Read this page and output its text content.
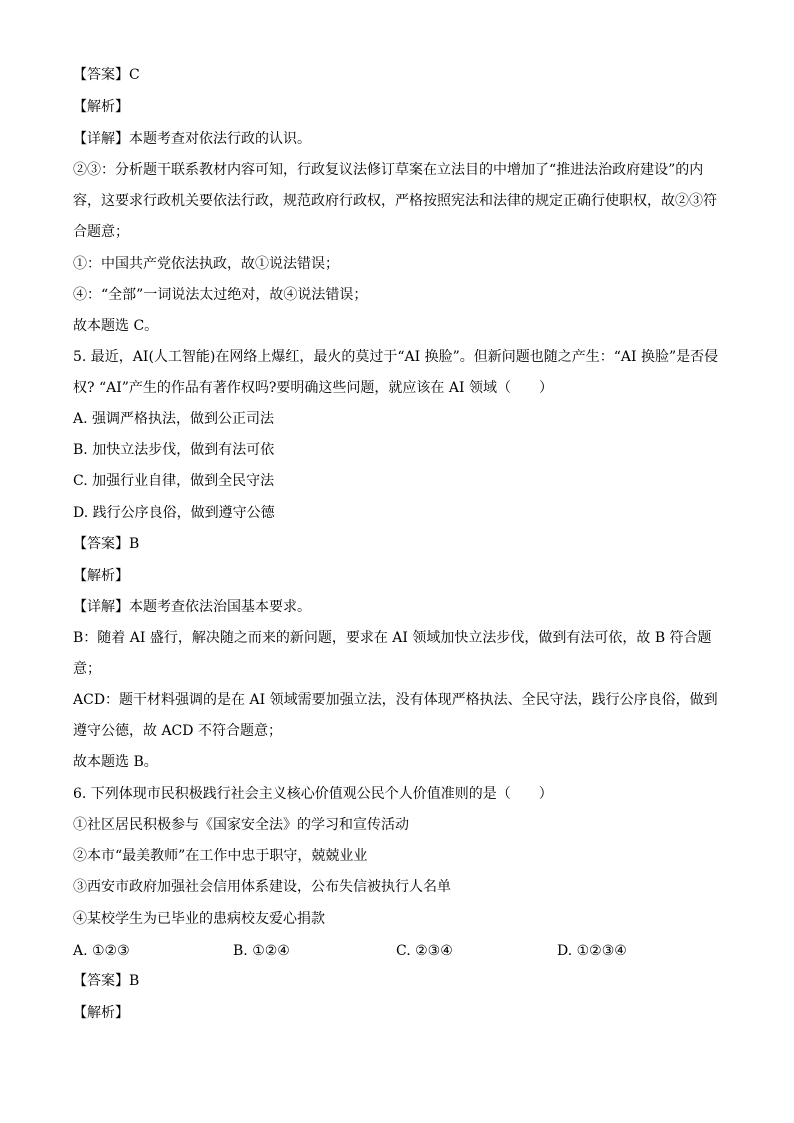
【答案】C
【解析】
【详解】本题考查对依法行政的认识。
②③：分析题干联系教材内容可知，行政复议法修订草案在立法目的中增加了“推进法治政府建设”的内
容，这要求行政机关要依法行政，规范政府行政权，严格按照宪法和法律的规定正确行使职权，故②③符
合题意；
①：中国共产党依法执政，故①说法错误；
④：“全部”一词说法太过绝对，故④说法错误；
故本题选 C。
5. 最近，AI(人工智能)在网络上爆红，最火的莫过于“AI 换脸”。但新问题也随之产生：“AI 换脸”是否侵
权? “AI”产生的作品有著作权吗?要明确这些问题，就应该在 AI 领域（　　）
A. 强调严格执法，做到公正司法
B. 加快立法步伐，做到有法可依
C. 加强行业自律，做到全民守法
D. 践行公序良俗，做到遵守公德
【答案】B
【解析】
【详解】本题考查依法治国基本要求。
B：随着 AI 盛行，解决随之而来的新问题，要求在 AI 领域加快立法步伐，做到有法可依，故 B 符合题
意；
ACD：题干材料强调的是在 AI 领域需要加强立法，没有体现严格执法、全民守法，践行公序良俗，做到
遵守公德，故 ACD 不符合题意；
故本题选 B。
6. 下列体现市民积极践行社会主义核心价值观公民个人价值准则的是（　　）
①社区居民积极参与《国家安全法》的学习和宣传活动
②本市“最美教师”在工作中忠于职守，兢兢业业
③西安市政府加强社会信用体系建设，公布失信被执行人名单
④某校学生为已毕业的患病校友爱心捐款
A. ①②③	B. ①②④	C. ②③④	D. ①②③④
【答案】B
【解析】
